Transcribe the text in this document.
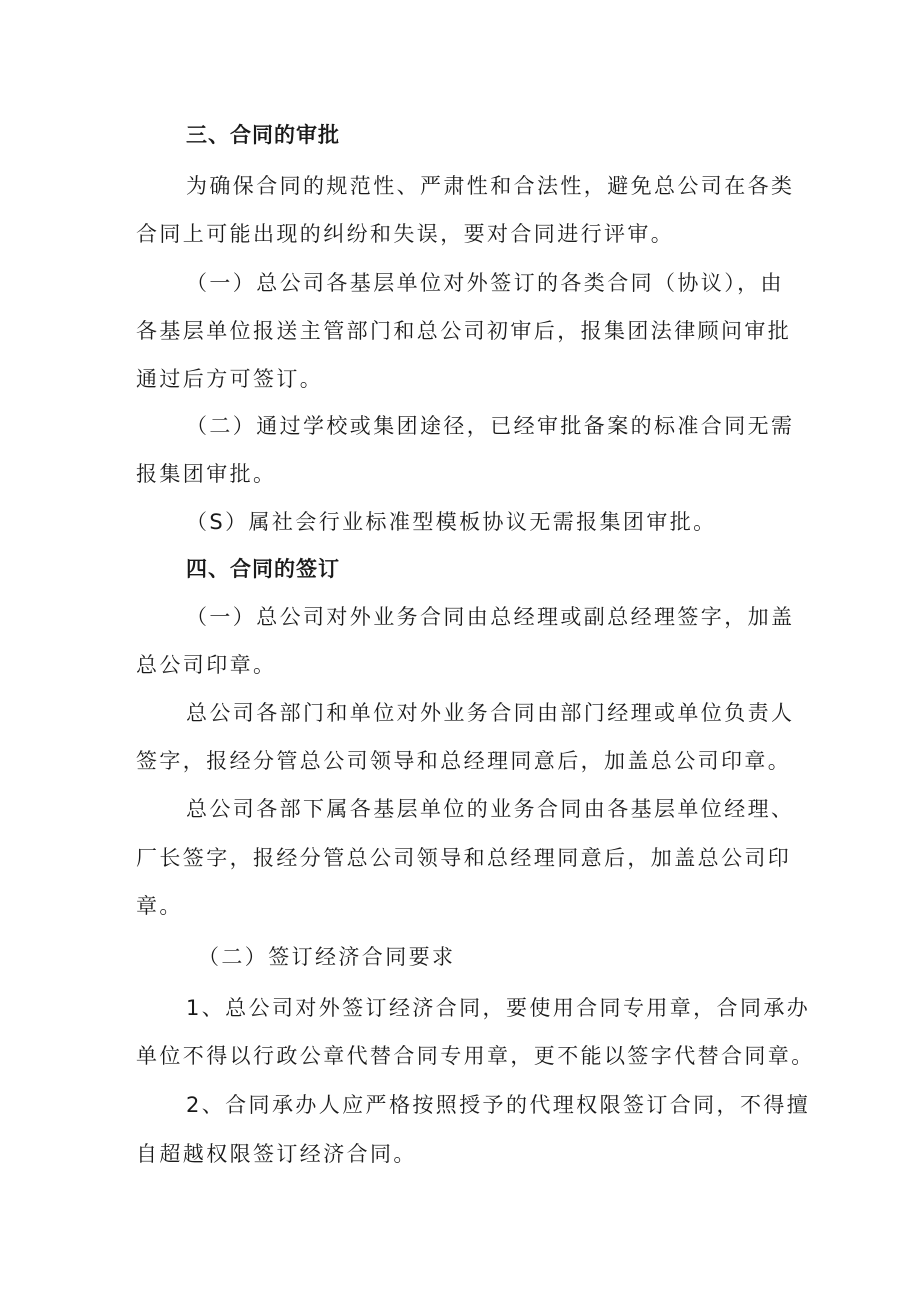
三、合同的审批
为确保合同的规范性、严肃性和合法性，避免总公司在各类
合同上可能出现的纠纷和失误，要对合同进行评审。
（一）总公司各基层单位对外签订的各类合同（协议），由
各基层单位报送主管部门和总公司初审后，报集团法律顾问审批
通过后方可签订。
（二）通过学校或集团途径，已经审批备案的标准合同无需
报集团审批。
（S）属社会行业标准型模板协议无需报集团审批。
四、合同的签订
（一）总公司对外业务合同由总经理或副总经理签字，加盖
总公司印章。
总公司各部门和单位对外业务合同由部门经理或单位负责人
签字，报经分管总公司领导和总经理同意后，加盖总公司印章。
总公司各部下属各基层单位的业务合同由各基层单位经理、
厂长签字，报经分管总公司领导和总经理同意后，加盖总公司印
章。
（二）签订经济合同要求
1、总公司对外签订经济合同，要使用合同专用章，合同承办
单位不得以行政公章代替合同专用章，更不能以签字代替合同章。
2、合同承办人应严格按照授予的代理权限签订合同，不得擅
自超越权限签订经济合同。
